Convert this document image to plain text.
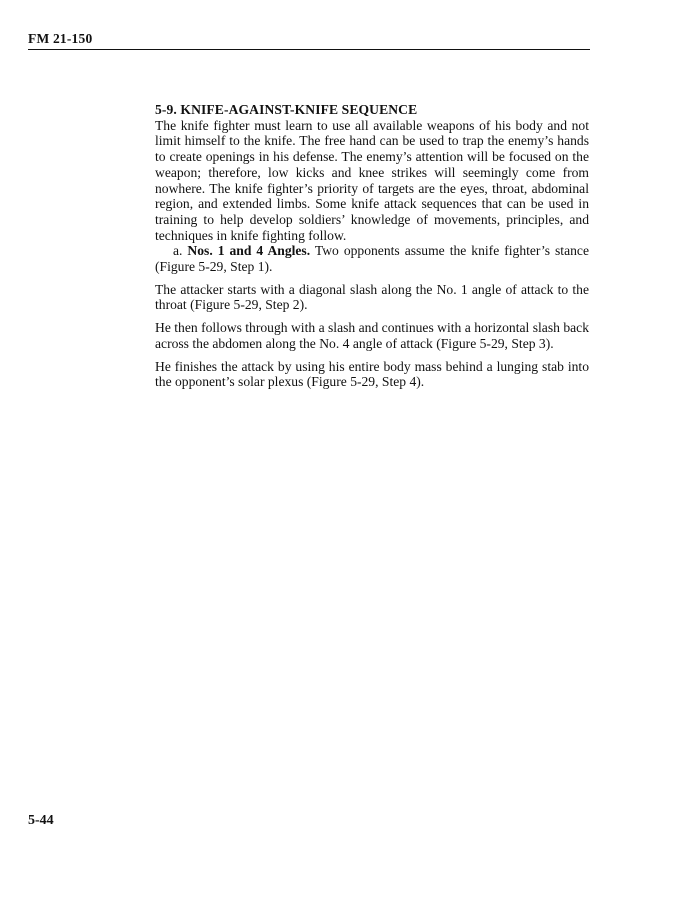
FM 21-150
5-9. KNIFE-AGAINST-KNIFE SEQUENCE

The knife fighter must learn to use all available weapons of his body and not limit himself to the knife. The free hand can be used to trap the enemy’s hands to create openings in his defense. The enemy’s attention will be focused on the weapon; therefore, low kicks and knee strikes will seemingly come from nowhere. The knife fighter’s priority of targets are the eyes, throat, abdominal region, and extended limbs. Some knife attack sequences that can be used in training to help develop soldiers’ knowledge of movements, principles, and techniques in knife fighting follow.

a. Nos. 1 and 4 Angles. Two opponents assume the knife fighter’s stance (Figure 5-29, Step 1).

The attacker starts with a diagonal slash along the No. 1 angle of attack to the throat (Figure 5-29, Step 2).

He then follows through with a slash and continues with a horizontal slash back across the abdomen along the No. 4 angle of attack (Figure 5-29, Step 3).

He finishes the attack by using his entire body mass behind a lunging stab into the opponent’s solar plexus (Figure 5-29, Step 4).

5-44
